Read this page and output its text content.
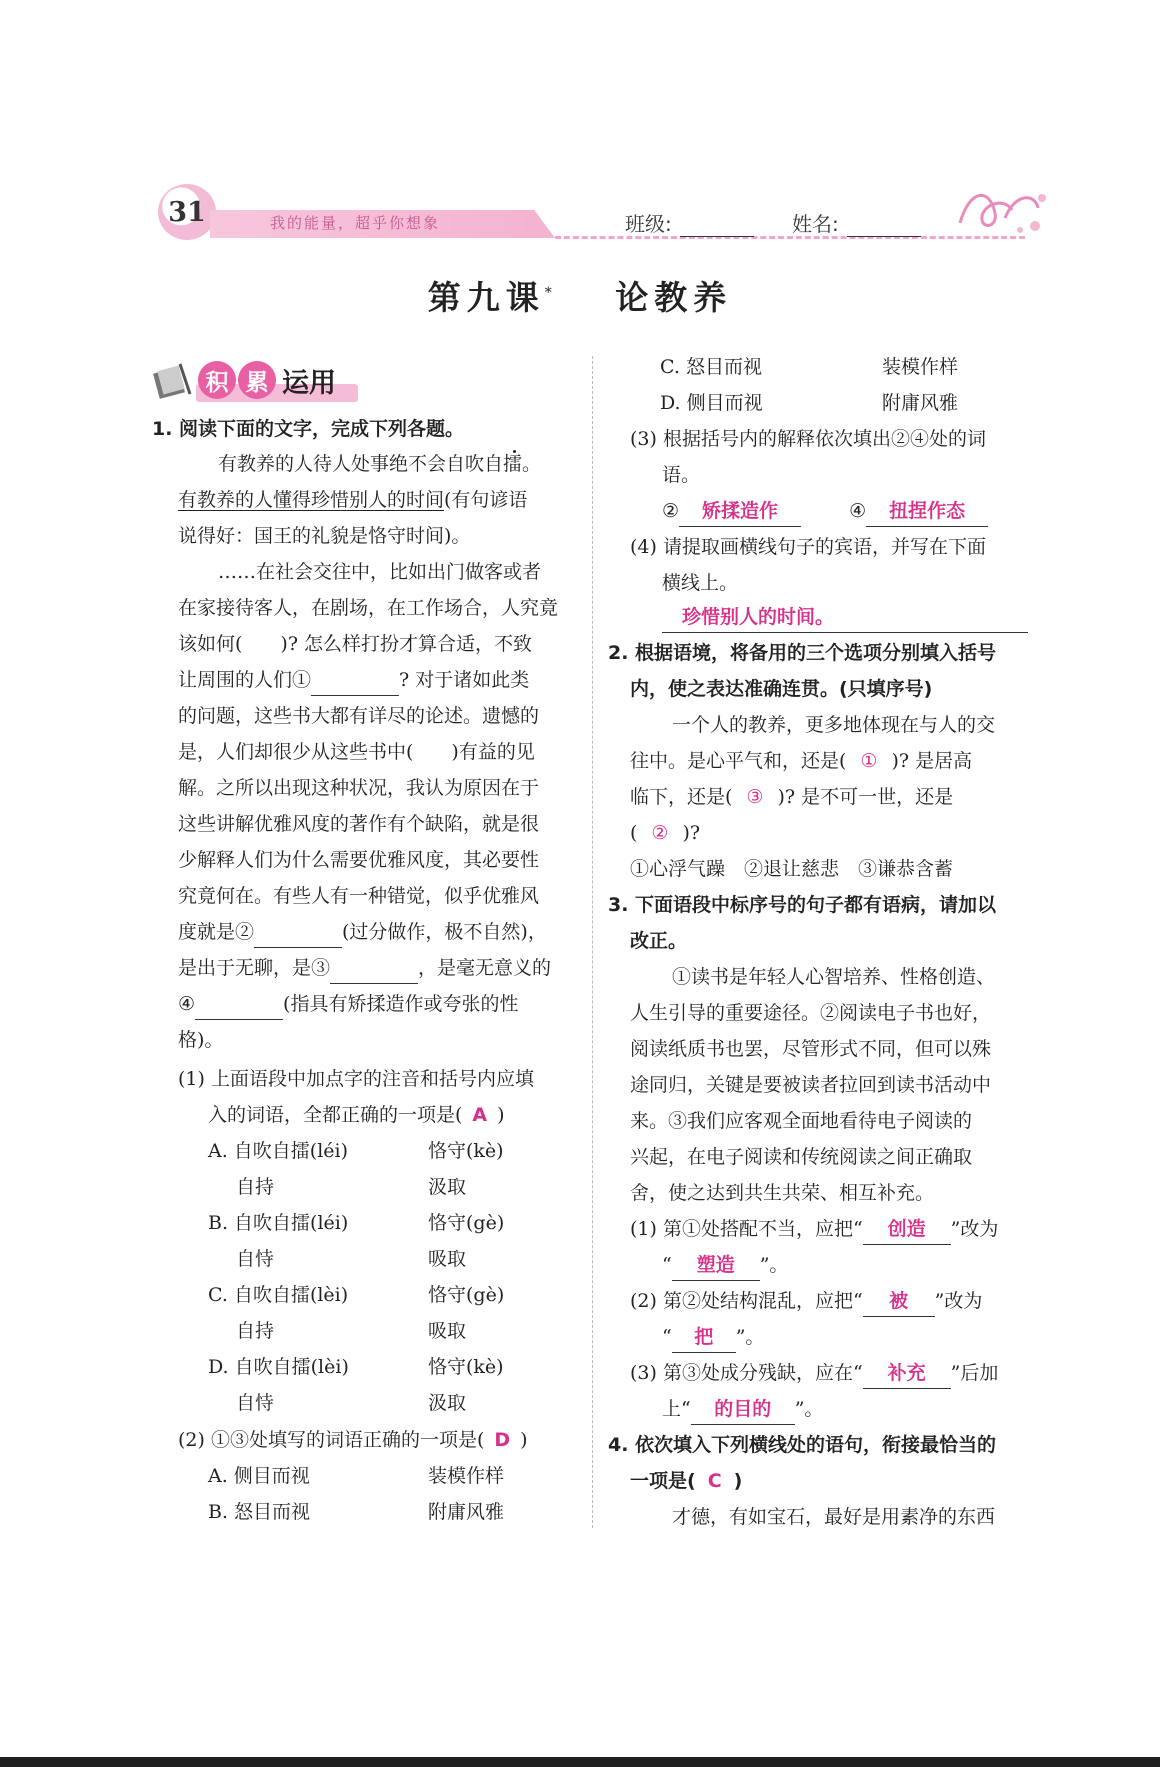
31	我的能量，超乎你想象	班级:	姓名:
第九课* 论教养
积 累 运用
1. 阅读下面的文字，完成下列各题。
有教养的人待人处事绝不会自吹自擂。
有教养的人懂得珍惜别人的时间(有句谚语
说得好：国王的礼貌是恪守时间)。
……在社会交往中，比如出门做客或者
在家接待客人，在剧场，在工作场合，人究竟
该如何(　　)? 怎么样打扮才算合适，不致
让周围的人们①	? 对于诸如此类
的问题，这些书大都有详尽的论述。遗憾的
是，人们却很少从这些书中(　　)有益的见
解。之所以出现这种状况，我认为原因在于
这些讲解优雅风度的著作有个缺陷，就是很
少解释人们为什么需要优雅风度，其必要性
究竟何在。有些人有一种错觉，似乎优雅风
度就是②	(过分做作，极不自然)，
是出于无聊，是③	，是毫无意义的
④	(指具有矫揉造作或夸张的性
格)。
(1) 上面语段中加点字的注音和括号内应填
入的词语，全都正确的一项是( A )
A. 自吹自擂(léi)	恪守(kè)
自持	汲取
B. 自吹自擂(léi)	恪守(gè)
自恃	吸取
C. 自吹自擂(lèi)	恪守(gè)
自持	吸取
D. 自吹自擂(lèi)	恪守(kè)
自恃	汲取
(2) ①③处填写的词语正确的一项是( D )
A. 侧目而视	装模作样
B. 怒目而视	附庸风雅
C. 怒目而视	装模作样
D. 侧目而视	附庸风雅
(3) 根据括号内的解释依次填出②④处的词
语。
② 矫揉造作	④ 扭捏作态
(4) 请提取画横线句子的宾语，并写在下面
横线上。
珍惜别人的时间。
2. 根据语境，将备用的三个选项分别填入括号
内，使之表达准确连贯。(只填序号)
一个人的教养，更多地体现在与人的交
往中。是心平气和，还是( ① )? 是居高
临下，还是( ③ )? 是不可一世，还是
( ② )?
①心浮气躁　②退让慈悲　③谦恭含蓄
3. 下面语段中标序号的句子都有语病，请加以
改正。
①读书是年轻人心智培养、性格创造、
人生引导的重要途径。②阅读电子书也好，
阅读纸质书也罢，尽管形式不同，但可以殊
途同归，关键是要被读者拉回到读书活动中
来。③我们应客观全面地看待电子阅读的
兴起，在电子阅读和传统阅读之间正确取
舍，使之达到共生共荣、相互补充。
(1) 第①处搭配不当，应把“ 创造 ”改为
“ 塑造 ”。
(2) 第②处结构混乱，应把“ 被 ”改为
“ 把 ”。
(3) 第③处成分残缺，应在“ 补充 ”后加
上“ 的目的 ”。
4. 依次填入下列横线处的语句，衔接最恰当的
一项是( C )
才德，有如宝石，最好是用素净的东西
